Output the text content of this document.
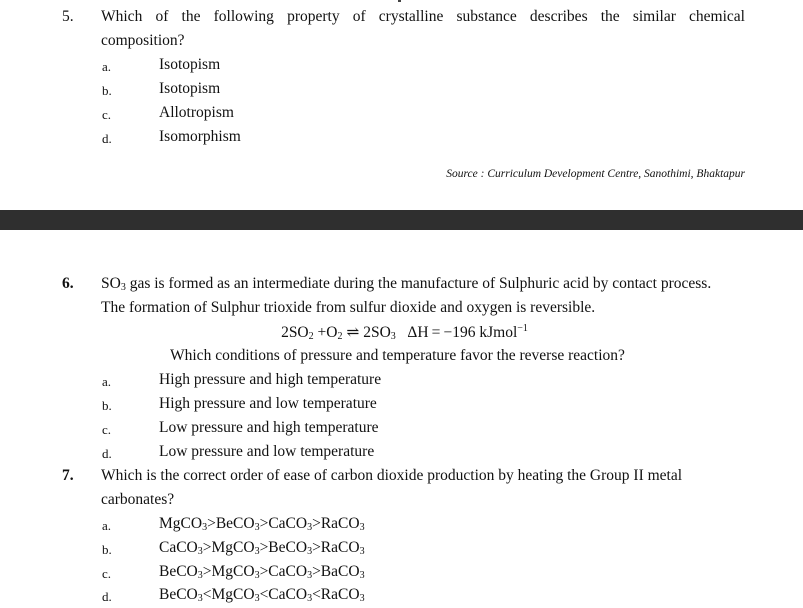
5. Which of the following property of crystalline substance describes the similar chemical
composition?
a.	Isotopism
b.	Isotopism
c.	Allotropism
d.	Isomorphism
Source : Curriculum Development Centre, Sanothimi, Bhaktapur
6. $SO_3$ gas is formed as an intermediate during the manufacture of Sulphuric acid by contact process.
The formation of Sulphur trioxide from sulfur dioxide and oxygen is reversible.
$2SO_2 +O_2$ ⇌ $2SO_3$ ΔH = −196 kJmol$^{-1}$
Which conditions of pressure and temperature favor the reverse reaction?
a.	High pressure and high temperature
b.	High pressure and low temperature
c.	Low pressure and high temperature
d.	Low pressure and low temperature
7. Which is the correct order of ease of carbon dioxide production by heating the Group II metal
carbonates?
a.	MgCO$_3$>BeCO$_3$>CaCO$_3$>RaCO$_3$
b.	CaCO$_3$>MgCO$_3$>BeCO$_3$>RaCO$_3$
c.	BeCO$_3$>MgCO$_3$>CaCO$_3$>BaCO$_3$
d.	BeCO$_3$<MgCO$_3$<CaCO$_3$<RaCO$_3$
